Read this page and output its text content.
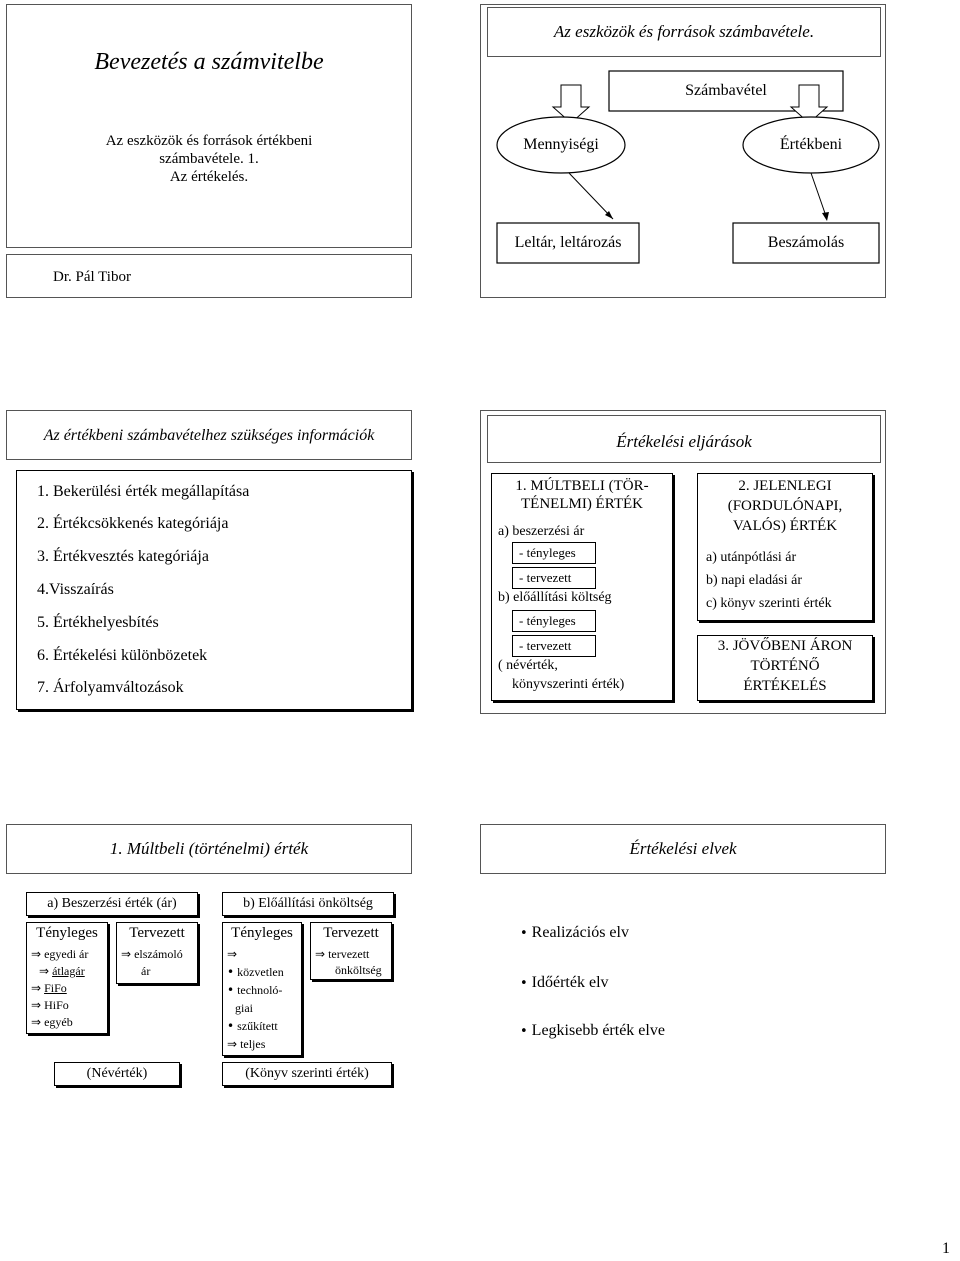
Bevezetés a számvitelbe
Az eszközök és források értékbeni
számbavétele. 1.
Az értékelés.
Dr. Pál Tibor
Az eszközök és források számbavétele.
Számbavétel
Mennyiségi	Értékbeni
Leltár, leltározás	Beszámolás
Az értékbeni számbavételhez szükséges információk
1. Bekerülési érték megállapítása
2. Értékcsökkenés kategóriája
3. Értékvesztés kategóriája
4.Visszaírás
5. Értékhelyesbítés
6. Értékelési különbözetek
7. Árfolyamváltozások
Értékelési eljárások
1. MÚLTBELI (TÖR-
TÉNELMI) ÉRTÉK
a) beszerzési ár
- tényleges
- tervezett
b) előállítási költség
- tényleges
- tervezett
( névérték,
könyvszerinti érték)
2. JELENLEGI
(FORDULÓNAPI,
VALÓS) ÉRTÉK
a) utánpótlási ár
b) napi eladási ár
c) könyv szerinti érték
3. JÖVŐBENI ÁRON
TÖRTÉNŐ
ÉRTÉKELÉS
1. Múltbeli (történelmi) érték
a) Beszerzési érték (ár)	b) Előállítási önköltség
Tényleges
⇒ egyedi ár
⇒ átlagár
⇒ FiFo
⇒ HiFo
⇒ egyéb
Tervezett
⇒ elszámoló
ár
Tényleges
⇒
• közvetlen
• technoló-
giai
• szűkített
⇒ teljes
Tervezett
⇒ tervezett
önköltség
(Névérték)	(Könyv szerinti érték)
Értékelési elvek
• Realizációs elv
• Időérték elv
• Legkisebb érték elve
1
